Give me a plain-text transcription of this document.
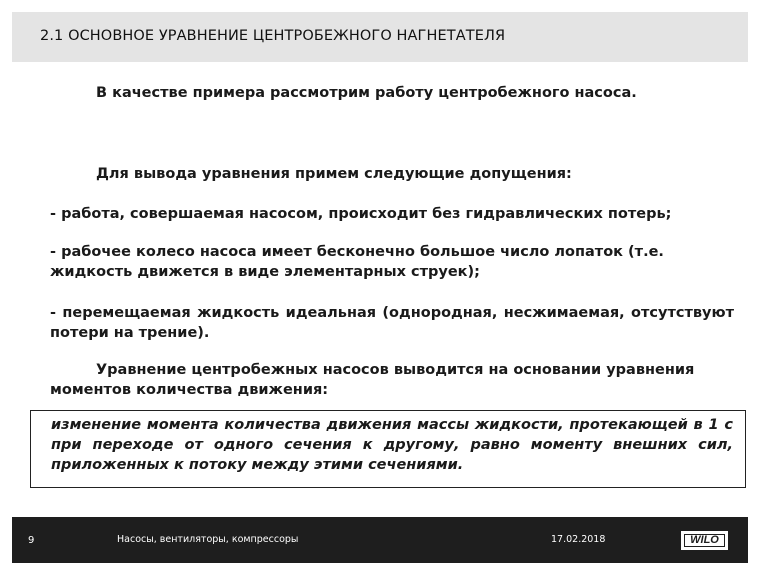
2.1 ОСНОВНОЕ УРАВНЕНИЕ ЦЕНТРОБЕЖНОГО НАГНЕТАТЕЛЯ
В качестве примера рассмотрим работу центробежного насоса.
Для вывода уравнения примем следующие допущения:
- работа, совершаемая насосом, происходит без гидравлических потерь;
- рабочее колесо насоса имеет бесконечно большое число лопаток (т.е. жидкость движется в виде элементарных струек);
- перемещаемая жидкость идеальная (однородная, несжимаемая, отсутствуют потери на трение).
Уравнение центробежных насосов выводится на основании уравнения моментов количества движения:
изменение момента количества движения массы жидкости, протекающей в 1 с при переходе от одного сечения к другому, равно моменту внешних сил, приложенных к потоку между этими сечениями.
9	Насосы, вентиляторы, компрессоры	17.02.2018	WILO
